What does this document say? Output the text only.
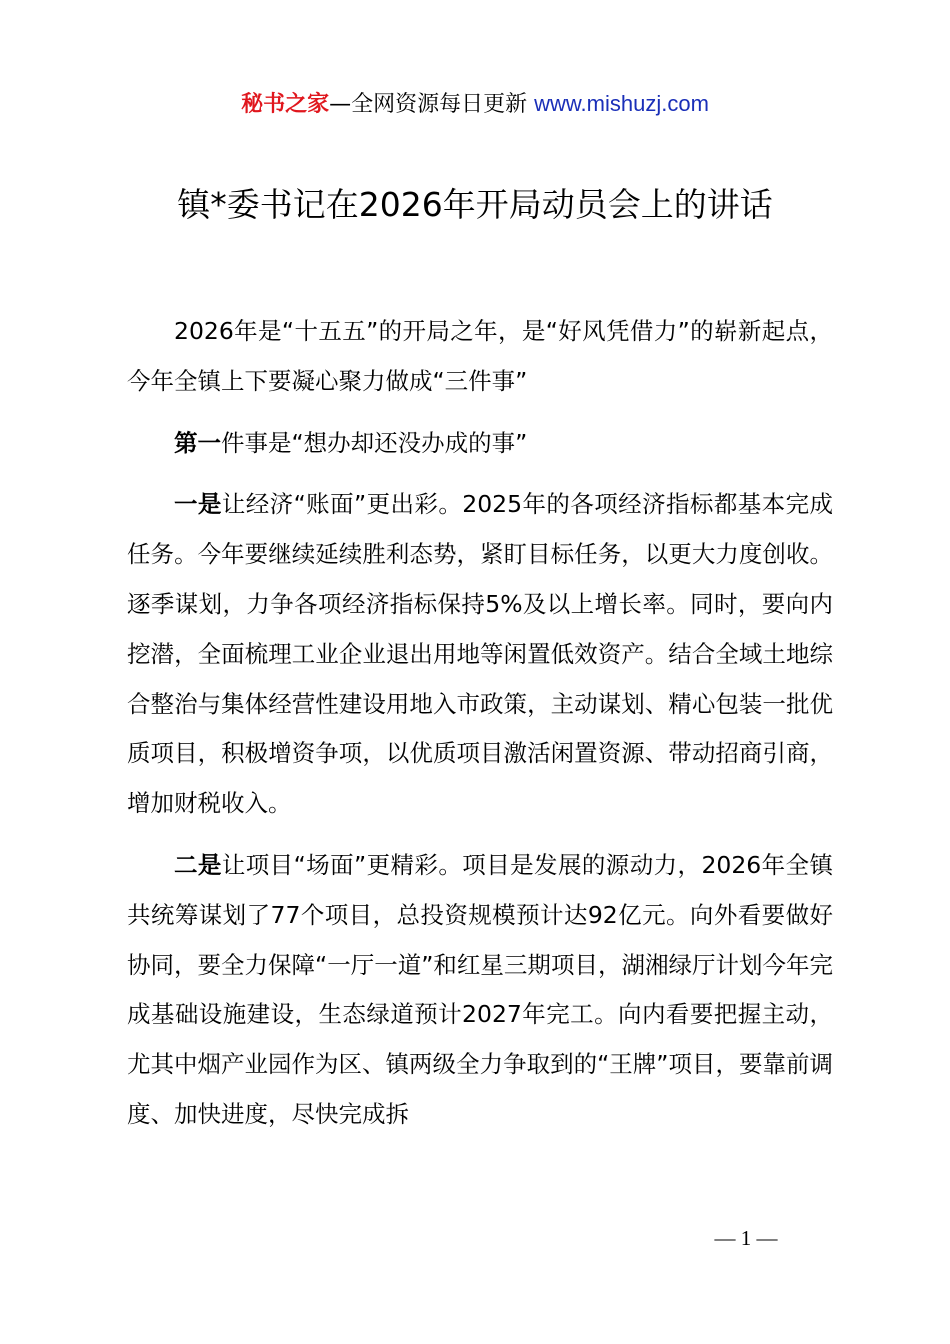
秘书之家—全网资源每日更新 www.mishuzj.com
镇*委书记在2026年开局动员会上的讲话

2026年是“十五五”的开局之年，是“好风凭借力”的崭新起点，今年全镇上下要凝心聚力做成“三件事”

第一件事是“想办却还没办成的事”

一是让经济“账面”更出彩。2025年的各项经济指标都基本完成任务。今年要继续延续胜利态势，紧盯目标任务，以更大力度创收。逐季谋划，力争各项经济指标保持5%及以上增长率。同时，要向内挖潜，全面梳理工业企业退出用地等闲置低效资产。结合全域土地综合整治与集体经营性建设用地入市政策，主动谋划、精心包装一批优质项目，积极增资争项，以优质项目激活闲置资源、带动招商引商，增加财税收入。

二是让项目“场面”更精彩。项目是发展的源动力，2026年全镇共统筹谋划了77个项目，总投资规模预计达92亿元。向外看要做好协同，要全力保障“一厅一道”和红星三期项目，湖湘绿厅计划今年完成基础设施建设，生态绿道预计2027年完工。向内看要把握主动，尤其中烟产业园作为区、镇两级全力争取到的“王牌”项目，要靠前调度、加快进度，尽快完成拆

— 1 —
